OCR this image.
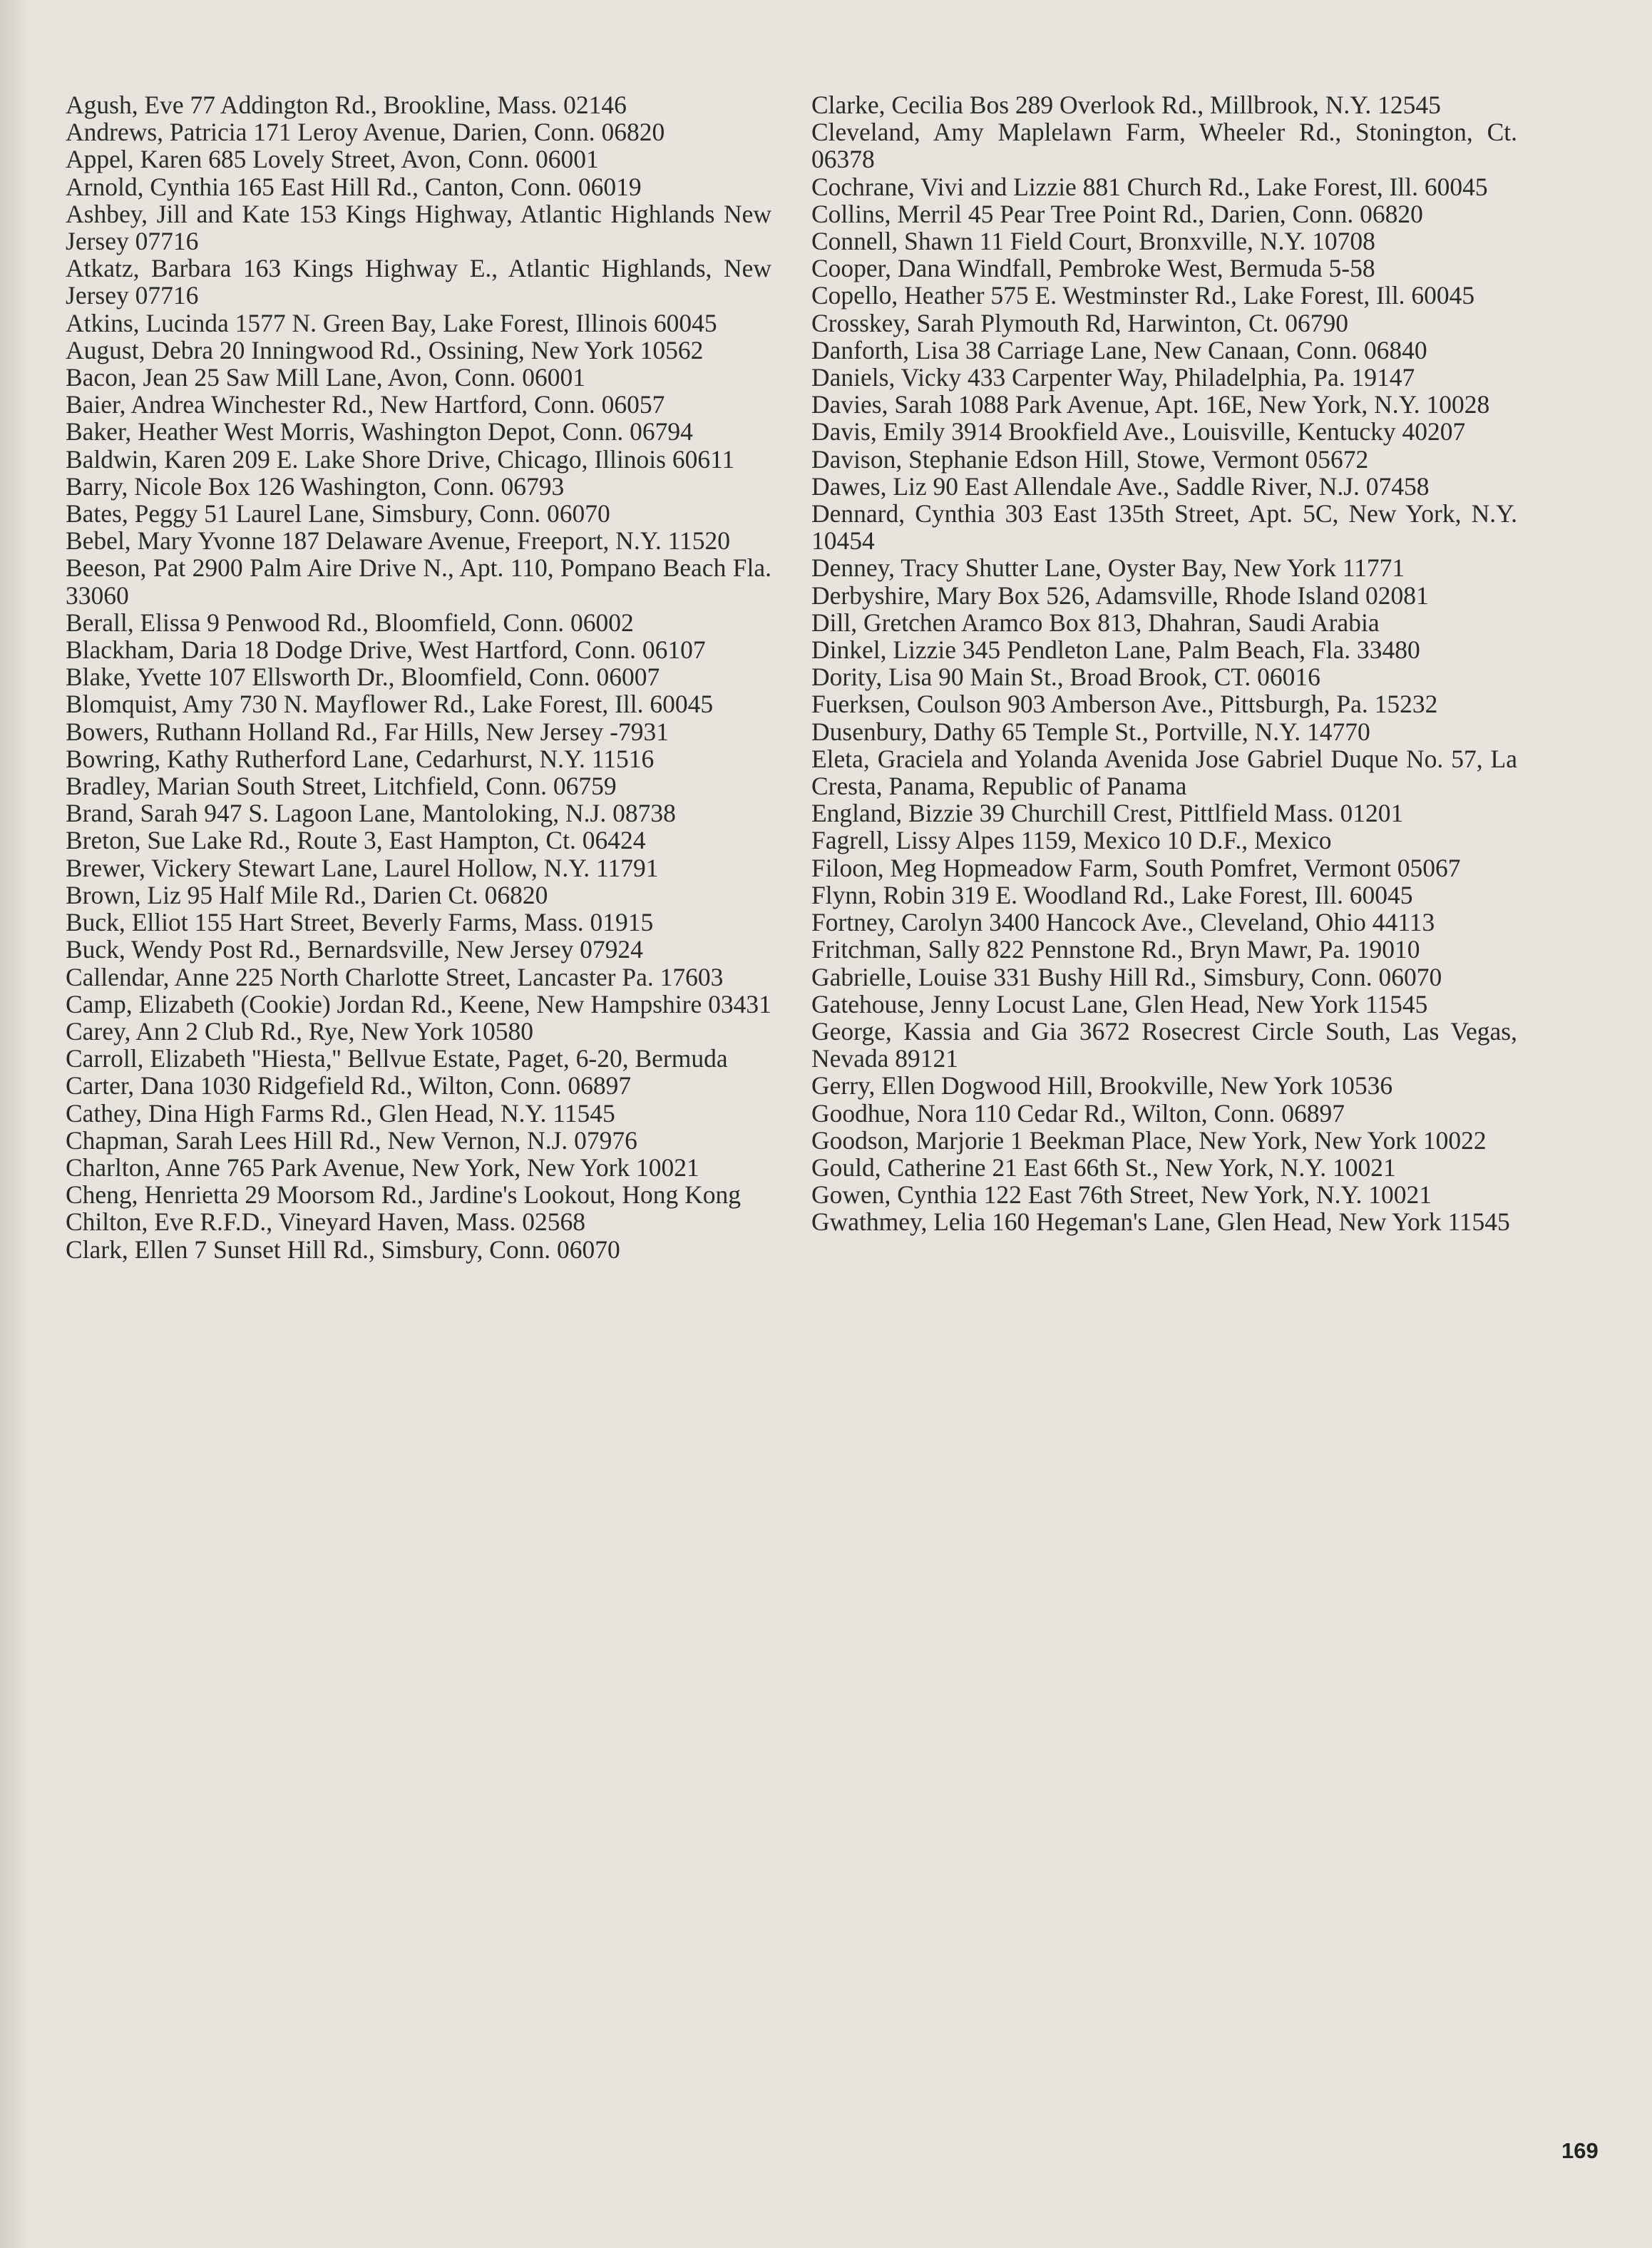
Agush, Eve 77 Addington Rd., Brookline, Mass. 02146

Andrews, Patricia 171 Leroy Avenue, Darien, Conn. 06820

Appel, Karen 685 Lovely Street, Avon, Conn. 06001

Arnold, Cynthia 165 East Hill Rd., Canton, Conn. 06019

Ashbey, Jill and Kate 153 Kings Highway, Atlantic Highlands New Jersey 07716

Atkatz, Barbara 163 Kings Highway E., Atlantic Highlands, New Jersey 07716

Atkins, Lucinda 1577 N. Green Bay, Lake Forest, Illinois 60045

August, Debra 20 Inningwood Rd., Ossining, New York 10562

Bacon, Jean 25 Saw Mill Lane, Avon, Conn. 06001

Baier, Andrea Winchester Rd., New Hartford, Conn. 06057

Baker, Heather West Morris, Washington Depot, Conn. 06794

Baldwin, Karen 209 E. Lake Shore Drive, Chicago, Illinois 60611

Barry, Nicole Box 126 Washington, Conn. 06793

Bates, Peggy 51 Laurel Lane, Simsbury, Conn. 06070

Bebel, Mary Yvonne 187 Delaware Avenue, Freeport, N.Y. 11520

Beeson, Pat 2900 Palm Aire Drive N., Apt. 110, Pompano Beach Fla. 33060

Berall, Elissa 9 Penwood Rd., Bloomfield, Conn. 06002

Blackham, Daria 18 Dodge Drive, West Hartford, Conn. 06107

Blake, Yvette 107 Ellsworth Dr., Bloomfield, Conn. 06007

Blomquist, Amy 730 N. Mayflower Rd., Lake Forest, Ill. 60045

Bowers, Ruthann Holland Rd., Far Hills, New Jersey -7931

Bowring, Kathy Rutherford Lane, Cedarhurst, N.Y. 11516

Bradley, Marian South Street, Litchfield, Conn. 06759

Brand, Sarah 947 S. Lagoon Lane, Mantoloking, N.J. 08738

Breton, Sue Lake Rd., Route 3, East Hampton, Ct. 06424

Brewer, Vickery Stewart Lane, Laurel Hollow, N.Y. 11791

Brown, Liz 95 Half Mile Rd., Darien Ct. 06820

Buck, Elliot 155 Hart Street, Beverly Farms, Mass. 01915

Buck, Wendy Post Rd., Bernardsville, New Jersey 07924

Callendar, Anne 225 North Charlotte Street, Lancaster Pa. 17603

Camp, Elizabeth (Cookie) Jordan Rd., Keene, New Hampshire 03431

Carey, Ann 2 Club Rd., Rye, New York 10580

Carroll, Elizabeth ''Hiesta,'' Bellvue Estate, Paget, 6-20, Bermuda

Carter, Dana 1030 Ridgefield Rd., Wilton, Conn. 06897

Cathey, Dina High Farms Rd., Glen Head, N.Y. 11545

Chapman, Sarah Lees Hill Rd., New Vernon, N.J. 07976

Charlton, Anne 765 Park Avenue, New York, New York 10021

Cheng, Henrietta 29 Moorsom Rd., Jardine's Lookout, Hong Kong

Chilton, Eve R.F.D., Vineyard Haven, Mass. 02568

Clark, Ellen 7 Sunset Hill Rd., Simsbury, Conn. 06070

Clarke, Cecilia Bos 289 Overlook Rd., Millbrook, N.Y. 12545

Cleveland, Amy Maplelawn Farm, Wheeler Rd., Stonington, Ct. 06378

Cochrane, Vivi and Lizzie 881 Church Rd., Lake Forest, Ill. 60045

Collins, Merril 45 Pear Tree Point Rd., Darien, Conn. 06820

Connell, Shawn 11 Field Court, Bronxville, N.Y. 10708

Cooper, Dana Windfall, Pembroke West, Bermuda 5-58

Copello, Heather 575 E. Westminster Rd., Lake Forest, Ill. 60045

Crosskey, Sarah Plymouth Rd, Harwinton, Ct. 06790

Danforth, Lisa 38 Carriage Lane, New Canaan, Conn. 06840

Daniels, Vicky 433 Carpenter Way, Philadelphia, Pa. 19147

Davies, Sarah 1088 Park Avenue, Apt. 16E, New York, N.Y. 10028

Davis, Emily 3914 Brookfield Ave., Louisville, Kentucky 40207

Davison, Stephanie Edson Hill, Stowe, Vermont 05672

Dawes, Liz 90 East Allendale Ave., Saddle River, N.J. 07458

Dennard, Cynthia 303 East 135th Street, Apt. 5C, New York, N.Y. 10454

Denney, Tracy Shutter Lane, Oyster Bay, New York 11771

Derbyshire, Mary Box 526, Adamsville, Rhode Island 02081

Dill, Gretchen Aramco Box 813, Dhahran, Saudi Arabia

Dinkel, Lizzie 345 Pendleton Lane, Palm Beach, Fla. 33480

Dority, Lisa 90 Main St., Broad Brook, CT. 06016

Fuerksen, Coulson 903 Amberson Ave., Pittsburgh, Pa. 15232

Dusenbury, Dathy 65 Temple St., Portville, N.Y. 14770

Eleta, Graciela and Yolanda Avenida Jose Gabriel Duque No. 57, La Cresta, Panama, Republic of Panama

England, Bizzie 39 Churchill Crest, Pittlfield Mass. 01201

Fagrell, Lissy Alpes 1159, Mexico 10 D.F., Mexico

Filoon, Meg Hopmeadow Farm, South Pomfret, Vermont 05067

Flynn, Robin 319 E. Woodland Rd., Lake Forest, Ill. 60045

Fortney, Carolyn 3400 Hancock Ave., Cleveland, Ohio 44113

Fritchman, Sally 822 Pennstone Rd., Bryn Mawr, Pa. 19010

Gabrielle, Louise 331 Bushy Hill Rd., Simsbury, Conn. 06070

Gatehouse, Jenny Locust Lane, Glen Head, New York 11545

George, Kassia and Gia 3672 Rosecrest Circle South, Las Vegas, Nevada 89121

Gerry, Ellen Dogwood Hill, Brookville, New York 10536

Goodhue, Nora 110 Cedar Rd., Wilton, Conn. 06897

Goodson, Marjorie 1 Beekman Place, New York, New York 10022

Gould, Catherine 21 East 66th St., New York, N.Y. 10021

Gowen, Cynthia 122 East 76th Street, New York, N.Y. 10021

Gwathmey, Lelia 160 Hegeman's Lane, Glen Head, New York 11545

169
